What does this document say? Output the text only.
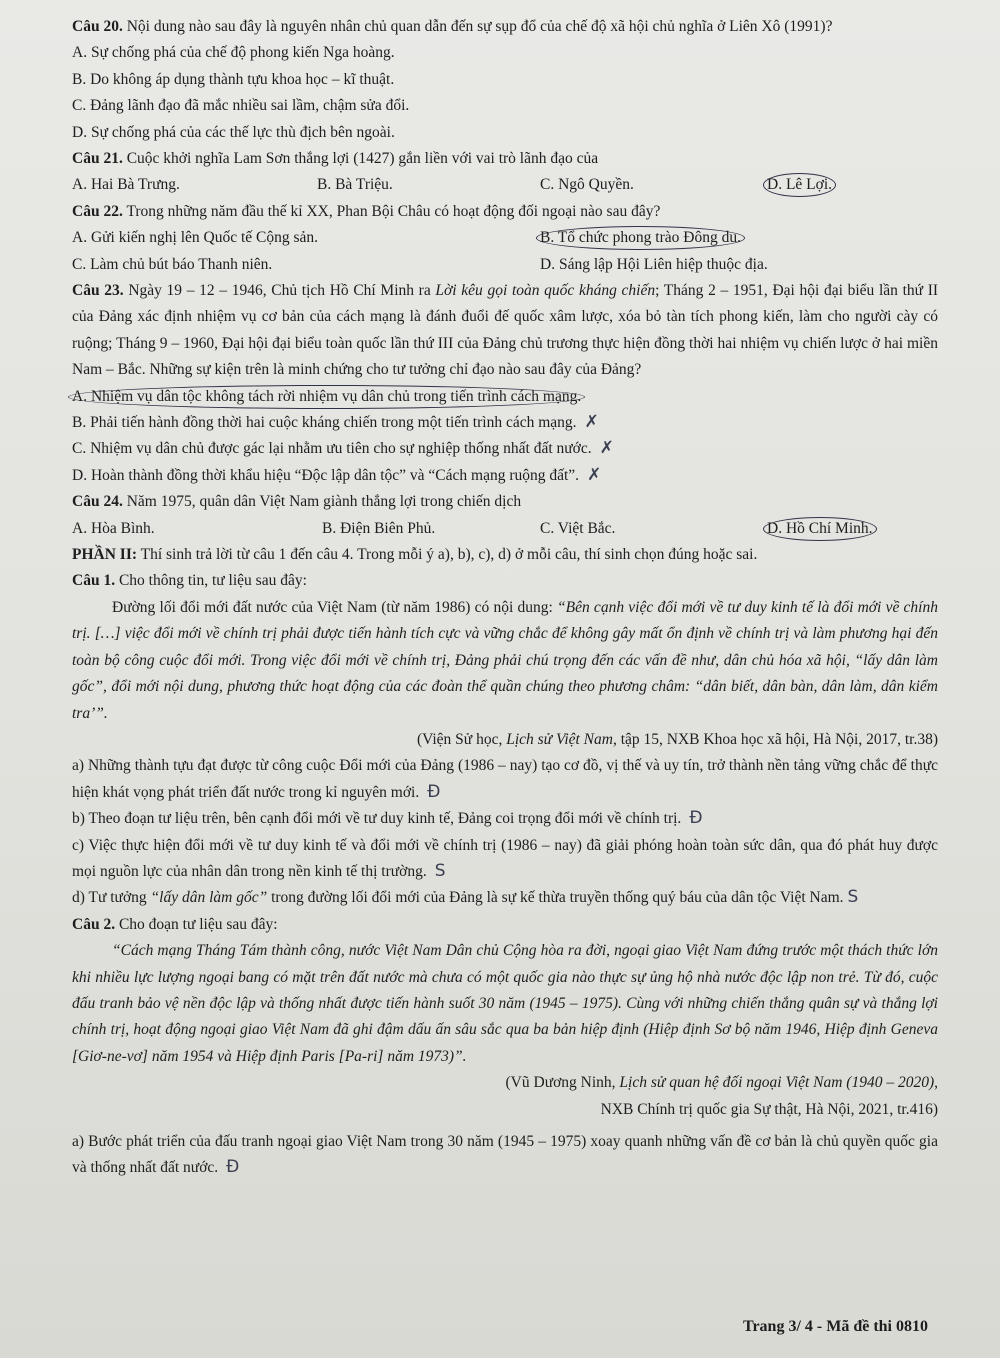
Câu 20. Nội dung nào sau đây là nguyên nhân chủ quan dẫn đến sự sụp đổ của chế độ xã hội chủ nghĩa ở Liên Xô (1991)?
A. Sự chống phá của chế độ phong kiến Nga hoàng.
B. Do không áp dụng thành tựu khoa học – kĩ thuật.
C. Đảng lãnh đạo đã mắc nhiều sai lầm, chậm sửa đổi.
D. Sự chống phá của các thế lực thù địch bên ngoài.
Câu 21. Cuộc khởi nghĩa Lam Sơn thắng lợi (1427) gắn liền với vai trò lãnh đạo của
A. Hai Bà Trưng.	B. Bà Triệu.	C. Ngô Quyền.	D. Lê Lợi.
Câu 22. Trong những năm đầu thế kỉ XX, Phan Bội Châu có hoạt động đối ngoại nào sau đây?
A. Gửi kiến nghị lên Quốc tế Cộng sản.	B. Tổ chức phong trào Đông du.
C. Làm chủ bút báo Thanh niên.	D. Sáng lập Hội Liên hiệp thuộc địa.
Câu 23. Ngày 19 – 12 – 1946, Chủ tịch Hồ Chí Minh ra Lời kêu gọi toàn quốc kháng chiến; Tháng 2 – 1951, Đại hội đại biểu lần thứ II của Đảng xác định nhiệm vụ cơ bản của cách mạng là đánh đuổi đế quốc xâm lược, xóa bỏ tàn tích phong kiến, làm cho người cày có ruộng; Tháng 9 – 1960, Đại hội đại biểu toàn quốc lần thứ III của Đảng chủ trương thực hiện đồng thời hai nhiệm vụ chiến lược ở hai miền Nam – Bắc. Những sự kiện trên là minh chứng cho tư tưởng chỉ đạo nào sau đây của Đảng?
A. Nhiệm vụ dân tộc không tách rời nhiệm vụ dân chủ trong tiến trình cách mạng.
B. Phải tiến hành đồng thời hai cuộc kháng chiến trong một tiến trình cách mạng. ✗
C. Nhiệm vụ dân chủ được gác lại nhằm ưu tiên cho sự nghiệp thống nhất đất nước. ✗
D. Hoàn thành đồng thời khẩu hiệu “Độc lập dân tộc” và “Cách mạng ruộng đất”. ✗
Câu 24. Năm 1975, quân dân Việt Nam giành thắng lợi trong chiến dịch
A. Hòa Bình.	B. Điện Biên Phủ.	C. Việt Bắc.	D. Hồ Chí Minh.
PHẦN II: Thí sinh trả lời từ câu 1 đến câu 4. Trong mỗi ý a), b), c), d) ở mỗi câu, thí sinh chọn đúng hoặc sai.
Câu 1. Cho thông tin, tư liệu sau đây:
Đường lối đổi mới đất nước của Việt Nam (từ năm 1986) có nội dung: “Bên cạnh việc đổi mới về tư duy kinh tế là đổi mới về chính trị. […] việc đổi mới về chính trị phải được tiến hành tích cực và vững chắc để không gây mất ổn định về chính trị và làm phương hại đến toàn bộ công cuộc đổi mới. Trong việc đổi mới về chính trị, Đảng phải chú trọng đến các vấn đề như, dân chủ hóa xã hội, “lấy dân làm gốc”, đổi mới nội dung, phương thức hoạt động của các đoàn thể quần chúng theo phương châm: “dân biết, dân bàn, dân làm, dân kiểm tra’”.
(Viện Sử học, Lịch sử Việt Nam, tập 15, NXB Khoa học xã hội, Hà Nội, 2017, tr.38)
a) Những thành tựu đạt được từ công cuộc Đổi mới của Đảng (1986 – nay) tạo cơ đồ, vị thế và uy tín, trở thành nền tảng vững chắc để thực hiện khát vọng phát triển đất nước trong kỉ nguyên mới. Đ
b) Theo đoạn tư liệu trên, bên cạnh đổi mới về tư duy kinh tế, Đảng coi trọng đổi mới về chính trị. Đ
c) Việc thực hiện đổi mới về tư duy kinh tế và đổi mới về chính trị (1986 – nay) đã giải phóng hoàn toàn sức dân, qua đó phát huy được mọi nguồn lực của nhân dân trong nền kinh tế thị trường. S
d) Tư tưởng “lấy dân làm gốc” trong đường lối đổi mới của Đảng là sự kế thừa truyền thống quý báu của dân tộc Việt Nam. S
Câu 2. Cho đoạn tư liệu sau đây:
“Cách mạng Tháng Tám thành công, nước Việt Nam Dân chủ Cộng hòa ra đời, ngoại giao Việt Nam đứng trước một thách thức lớn khi nhiều lực lượng ngoại bang có mặt trên đất nước mà chưa có một quốc gia nào thực sự ủng hộ nhà nước độc lập non trẻ. Từ đó, cuộc đấu tranh bảo vệ nền độc lập và thống nhất được tiến hành suốt 30 năm (1945 – 1975). Cùng với những chiến thắng quân sự và thắng lợi chính trị, hoạt động ngoại giao Việt Nam đã ghi đậm dấu ấn sâu sắc qua ba bản hiệp định (Hiệp định Sơ bộ năm 1946, Hiệp định Geneva [Giơ-ne-vơ] năm 1954 và Hiệp định Paris [Pa-ri] năm 1973)”.
(Vũ Dương Ninh, Lịch sử quan hệ đối ngoại Việt Nam (1940 – 2020),
NXB Chính trị quốc gia Sự thật, Hà Nội, 2021, tr.416)
a) Bước phát triển của đấu tranh ngoại giao Việt Nam trong 30 năm (1945 – 1975) xoay quanh những vấn đề cơ bản là chủ quyền quốc gia và thống nhất đất nước. Đ
Trang 3/ 4 - Mã đề thi 0810
